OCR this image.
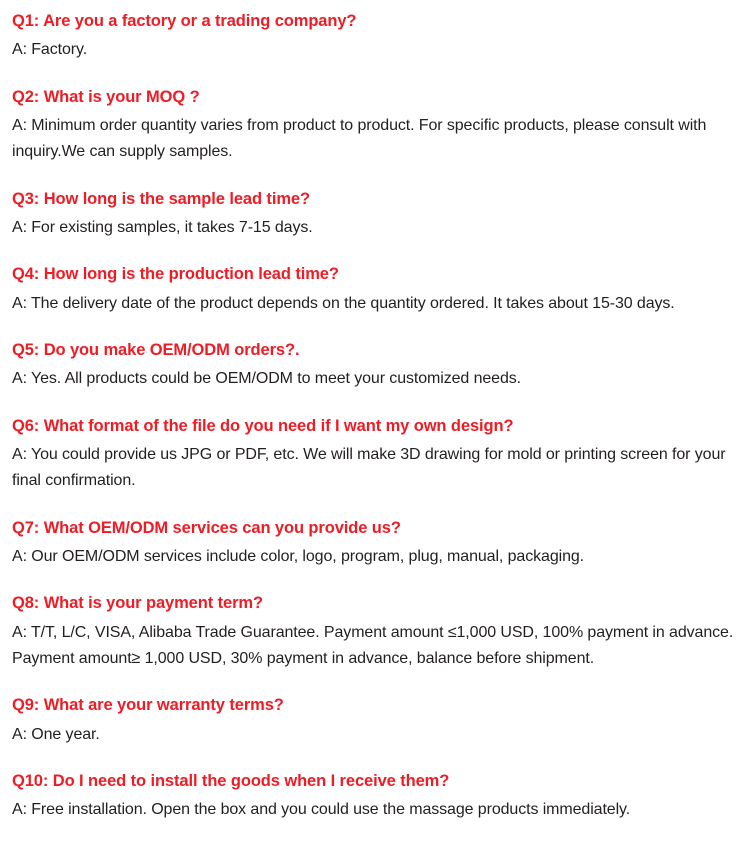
Q1: Are you a factory or a trading company?

A: Factory.

Q2: What is your MOQ ?

A: Minimum order quantity varies from product to product. For specific products, please consult with inquiry.We can supply samples.

Q3: How long is the sample lead time?

A: For existing samples, it takes 7-15 days.

Q4: How long is the production lead time?

A: The delivery date of the product depends on the quantity ordered. It takes about 15-30 days.

Q5: Do you make OEM/ODM orders?.

A: Yes. All products could be OEM/ODM to meet your customized needs.

Q6: What format of the file do you need if I want my own design?

A: You could provide us JPG or PDF, etc. We will make 3D drawing for mold or printing screen for your final confirmation.

Q7: What OEM/ODM services can you provide us?

A: Our OEM/ODM services include color, logo, program, plug, manual, packaging.

Q8: What is your payment term?

A: T/T, L/C, VISA, Alibaba Trade Guarantee. Payment amount ≤1,000 USD, 100% payment in advance. Payment amount≥ 1,000 USD, 30% payment in advance, balance before shipment.

Q9: What are your warranty terms?

A: One year.

Q10: Do I need to install the goods when I receive them?

A: Free installation. Open the box and you could use the massage products immediately.
